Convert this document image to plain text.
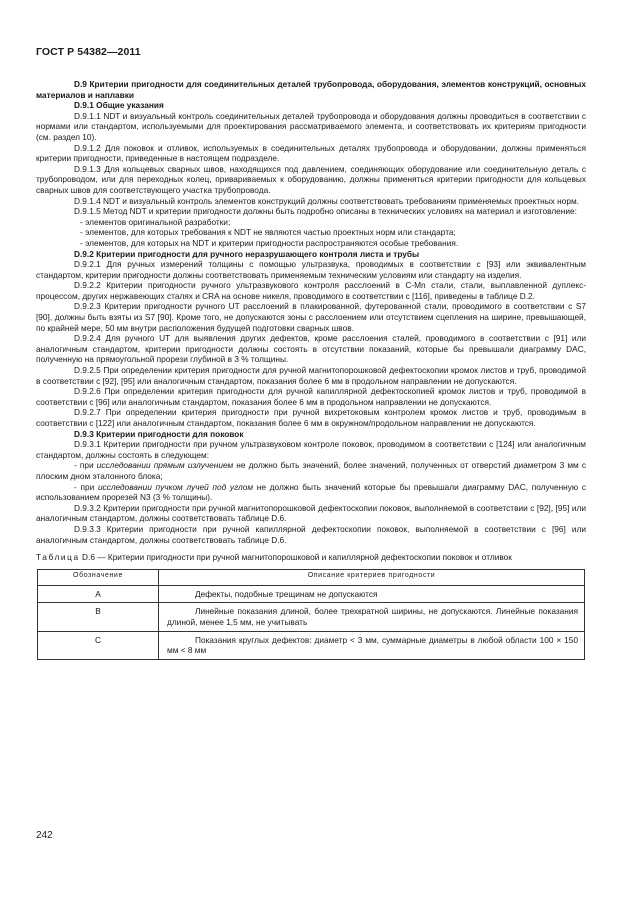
ГОСТ Р 54382—2011

D.9 Критерии пригодности для соединительных деталей трубопровода, оборудования, элементов конструкций, основных материалов и наплавки

D.9.1 Общие указания

D.9.1.1 NDT и визуальный контроль соединительных деталей трубопровода и оборудования должны проводиться в соответствии с нормами или стандартом, используемыми для проектирования рассматриваемого элемента, и соответствовать их критериям пригодности (см. раздел 10).

D.9.1.2 Для поковок и отливок, используемых в соединительных деталях трубопровода и оборудовании, должны применяться критерии пригодности, приведенные в настоящем подразделе.

D.9.1.3 Для кольцевых сварных швов, находящихся под давлением, соединяющих оборудование или соединительную деталь с трубопроводом, или для переходных колец, привариваемых к оборудованию, должны применяться критерии пригодности для кольцевых сварных швов для соответствующего участка трубопровода.

D.9.1.4 NDT и визуальный контроль элементов конструкций должны соответствовать требованиям применяемых проектных норм.

D.9.1.5 Метод NDT и критерии пригодности должны быть подробно описаны в технических условиях на материал и изготовление:

- элементов оригинальной разработки;

- элементов, для которых требования к NDT не являются частью проектных норм или стандарта;

- элементов, для которых на NDT и критерии пригодности распространяются особые требования.

D.9.2 Критерии пригодности для ручного неразрушающего контроля листа и трубы

D.9.2.1 Для ручных измерений толщины с помощью ультразвука, проводимых в соответствии с [93] или эквивалентным стандартом, критерии пригодности должны соответствовать применяемым техническим условиям или стандарту на изделия.

D.9.2.2 Критерии пригодности ручного ультразвукового контроля расслоений в C-Mn стали, стали, выплавленной дуплекс-процессом, других нержавеющих сталях и CRA на основе никеля, проводимого в соответствии с [116], приведены в таблице D.2.

D.9.2.3 Критерии пригодности ручного UT расслоений в плакированной, футерованной стали, проводимого в соответствии с S7 [90], должны быть взяты из S7 [90]. Кроме того, не допускаются зоны с расслоением или отсутствием сцепления на ширине, превышающей, по крайней мере, 50 мм внутри расположения будущей подготовки сварных швов.

D.9.2.4 Для ручного UT для выявления других дефектов, кроме расслоения сталей, проводимого в соответствии с [91] или аналогичным стандартом, критерии пригодности должны состоять в отсутствии показаний, которые бы превышали диаграмму DAC, полученную на прямоугольной прорези глубиной в 3 % толщины.

D.9.2.5 При определении критерия пригодности для ручной магнитопорошковой дефектоскопии кромок листов и труб, проводимой в соответствии с [92], [95] или аналогичным стандартом, показания более 6 мм в продольном направлении не допускаются.

D.9.2.6 При определении критерия пригодности для ручной капиллярной дефектоскопией кромок листов и труб, проводимой в соответствии с [96] или аналогичным стандартом, показания более 6 мм в продольном направлении не допускаются.

D.9.2.7 При определении критерия пригодности при ручной вихретоковым контролем кромок листов и труб, проводимым в соответствии с [122] или аналогичным стандартом, показания более 6 мм в окружном/продольном направлении не допускаются.

D.9.3 Критерии пригодности для поковок

D.9.3.1 Критерии пригодности при ручном ультразвуковом контроле поковок, проводимом в соответствии с [124] или аналогичным стандартом, должны состоять в следующем:

- при исследовании прямым излучением не должно быть значений, более значений, полученных от отверстий диаметром 3 мм с плоским дном эталонного блока;

- при исследовании пучком лучей под углом не должно быть значений которые бы превышали диаграмму DAC, полученную с использованием прорезей N3 (3 % толщины).

D.9.3.2 Критерии пригодности при ручной магнитопорошковой дефектоскопии поковок, выполняемой в соответствии с [92], [95] или аналогичным стандартом, должны соответствовать таблице D.6.

D.9.3.3 Критерии пригодности при ручной капиллярной дефектоскопии поковок, выполняемой в соответствии с [96] или аналогичным стандартом, должны соответствовать таблице D.6.

Таблица D.6 — Критерии пригодности при ручной магнитопорошковой и капиллярной дефектоскопии поковок и отливок

Обозначение	Описание критериев пригодности
A	Дефекты, подобные трещинам не допускаются
B	Линейные показания длиной, более трехкратной ширины, не допускаются. Линейные показания длиной, менее 1,5 мм, не учитывать
C	Показания круглых дефектов: диаметр < 3 мм, суммарные диаметры в любой области 100 × 150 мм < 8 мм
242
